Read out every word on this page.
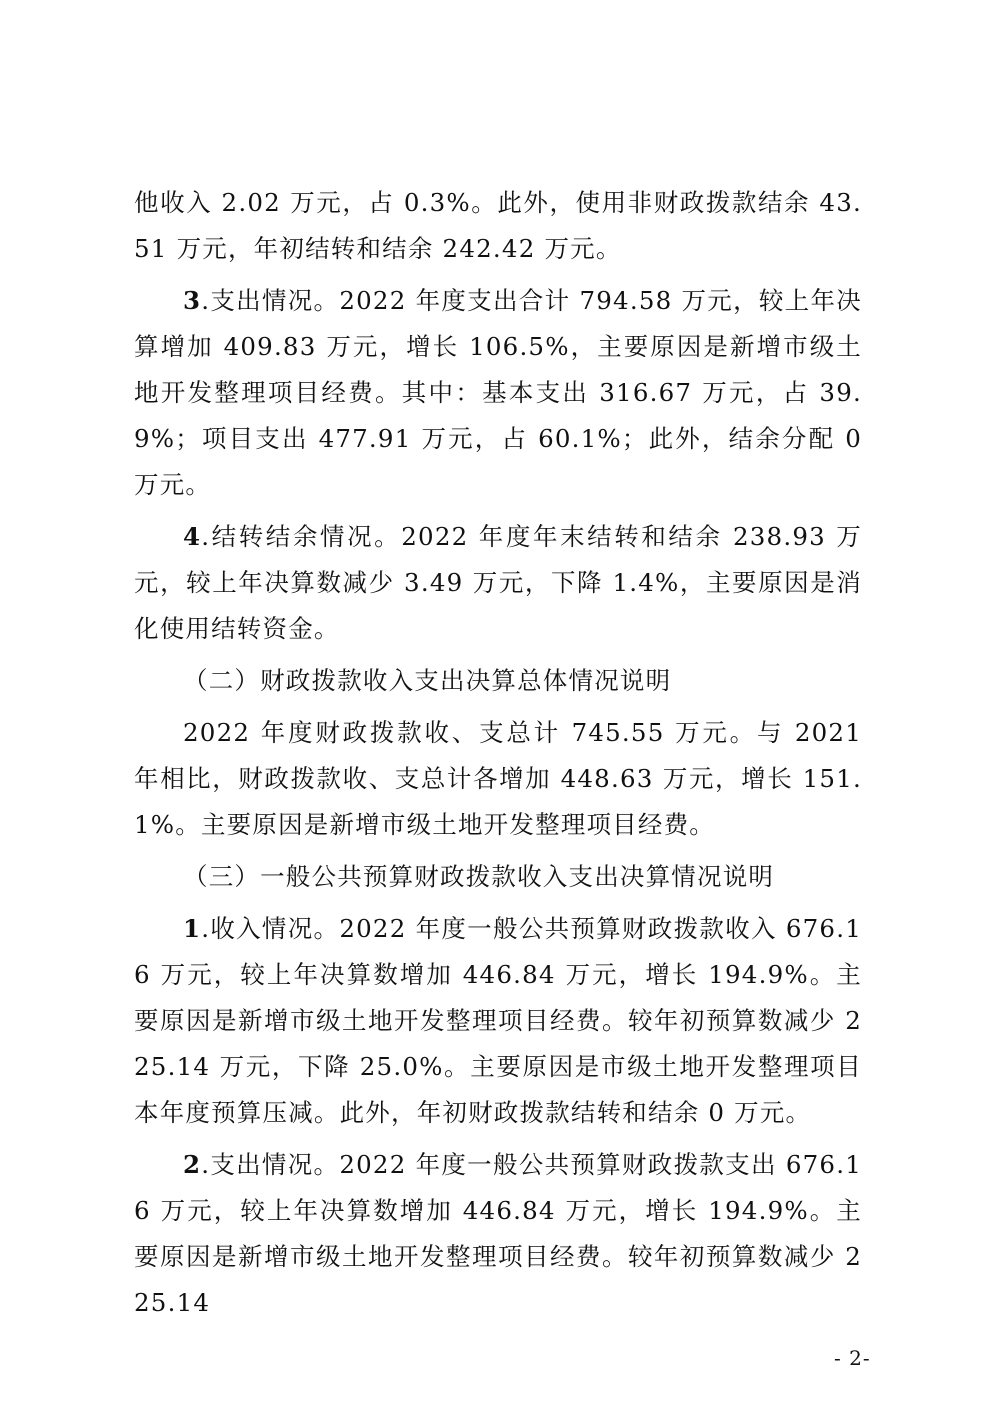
他收入 2.02 万元，占 0.3%。此外，使用非财政拨款结余 43.51 万元，年初结转和结余 242.42 万元。

3.支出情况。2022 年度支出合计 794.58 万元，较上年决算增加 409.83 万元，增长 106.5%，主要原因是新增市级土地开发整理项目经费。其中：基本支出 316.67 万元，占 39.9%；项目支出 477.91 万元，占 60.1%；此外，结余分配 0 万元。

4.结转结余情况。2022 年度年末结转和结余 238.93 万元，较上年决算数减少 3.49 万元，下降 1.4%，主要原因是消化使用结转资金。

（二）财政拨款收入支出决算总体情况说明

2022 年度财政拨款收、支总计 745.55 万元。与 2021 年相比，财政拨款收、支总计各增加 448.63 万元，增长 151.1%。主要原因是新增市级土地开发整理项目经费。

（三）一般公共预算财政拨款收入支出决算情况说明

1.收入情况。2022 年度一般公共预算财政拨款收入 676.16 万元，较上年决算数增加 446.84 万元，增长 194.9%。主要原因是新增市级土地开发整理项目经费。较年初预算数减少 225.14 万元，下降 25.0%。主要原因是市级土地开发整理项目本年度预算压减。此外，年初财政拨款结转和结余 0 万元。

2.支出情况。2022 年度一般公共预算财政拨款支出 676.16 万元，较上年决算数增加 446.84 万元，增长 194.9%。主要原因是新增市级土地开发整理项目经费。较年初预算数减少 225.14

- 2-
